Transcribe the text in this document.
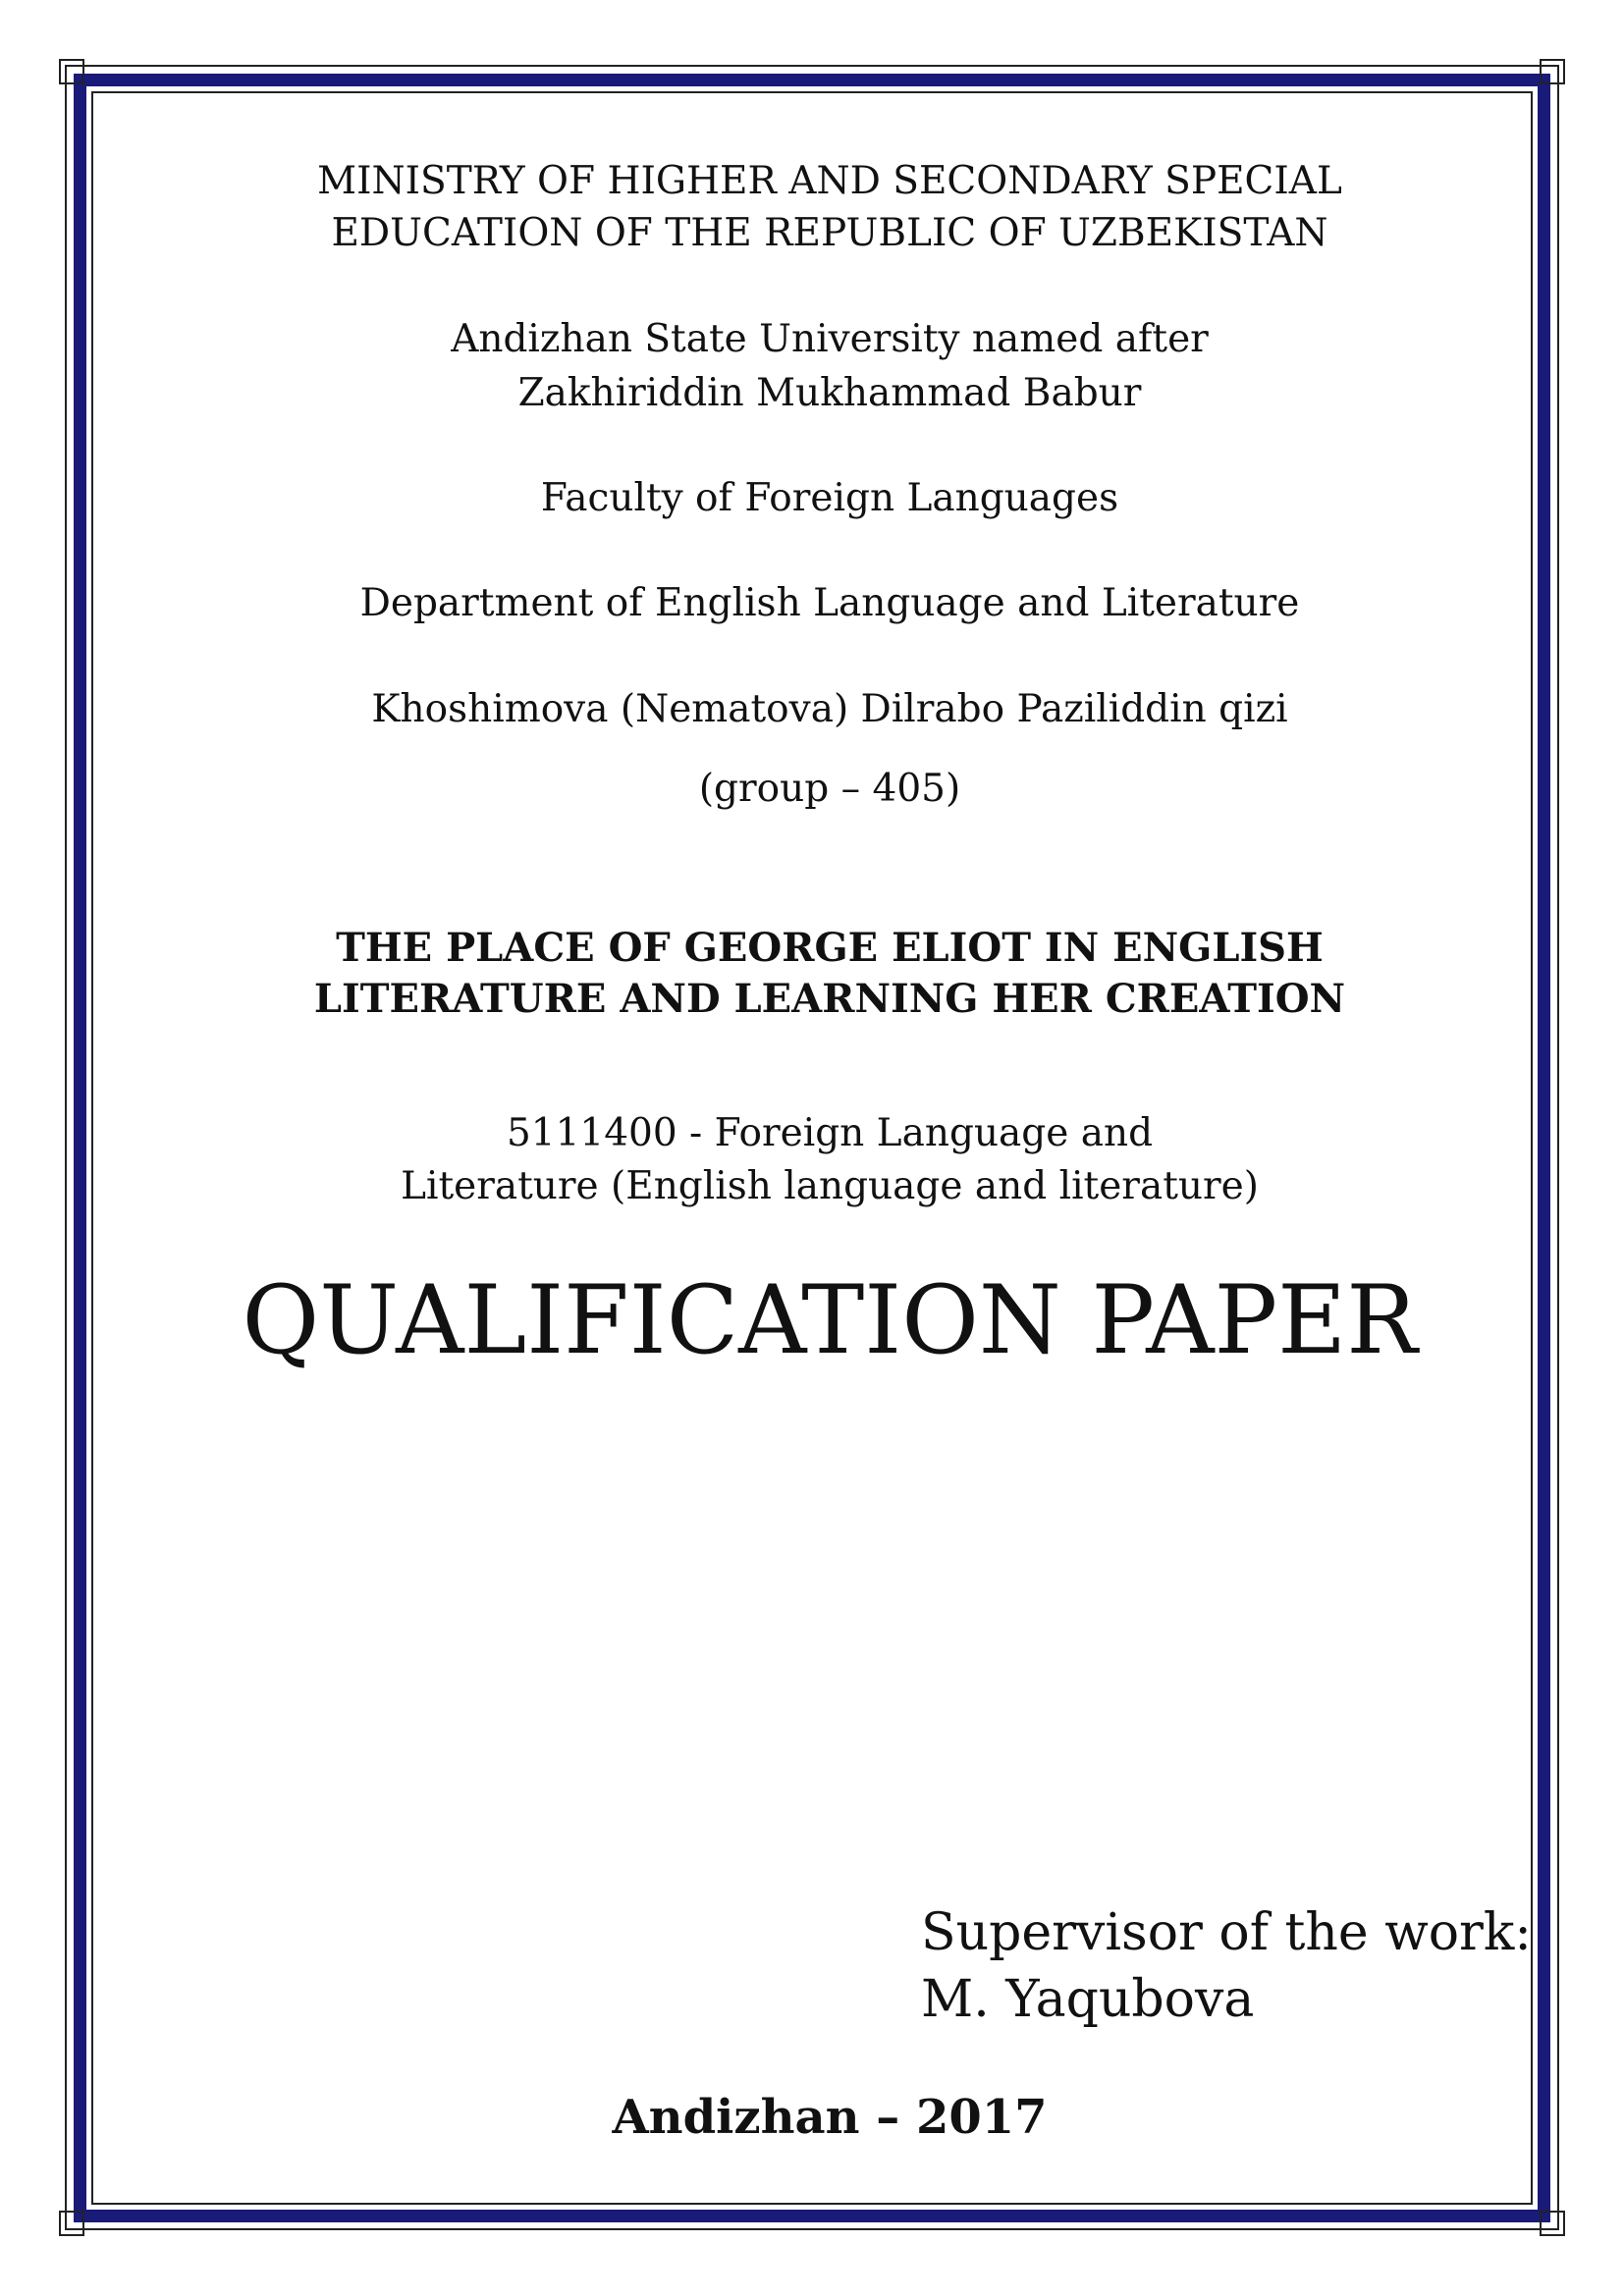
MINISTRY OF HIGHER AND SECONDARY SPECIAL
EDUCATION OF THE REPUBLIC OF UZBEKISTAN
Andizhan State University named after
Zakhiriddin Mukhammad Babur
Faculty of Foreign Languages
Department of English Language and Literature
Khoshimova (Nematova) Dilrabo Paziliddin qizi
(group – 405)
THE PLACE OF GEORGE ELIOT IN ENGLISH
LITERATURE AND LEARNING HER CREATION
5111400 - Foreign Language and
Literature (English language and literature)
QUALIFICATION PAPER
Supervisor of the work:
M. Yaqubova
Andizhan – 2017
